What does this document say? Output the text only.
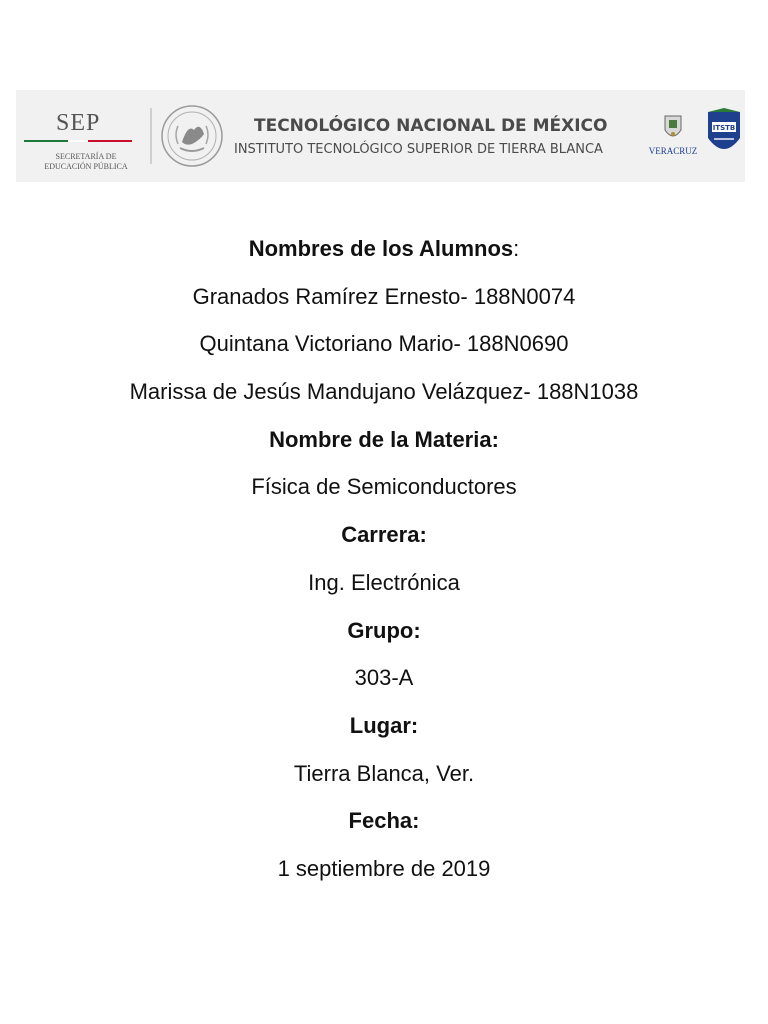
SEP
SECRETARÍA DE
EDUCACIÓN PÚBLICA
TECNOLÓGICO NACIONAL DE MÉXICO
INSTITUTO TECNOLÓGICO SUPERIOR DE TIERRA BLANCA	VERACRUZ
ITSTB
Nombres de los Alumnos:
Granados Ramírez Ernesto- 188N0074
Quintana Victoriano Mario- 188N0690
Marissa de Jesús Mandujano Velázquez- 188N1038
Nombre de la Materia:
Física de Semiconductores
Carrera:
Ing. Electrónica
Grupo:
303-A
Lugar:
Tierra Blanca, Ver.
Fecha:
1 septiembre de 2019
